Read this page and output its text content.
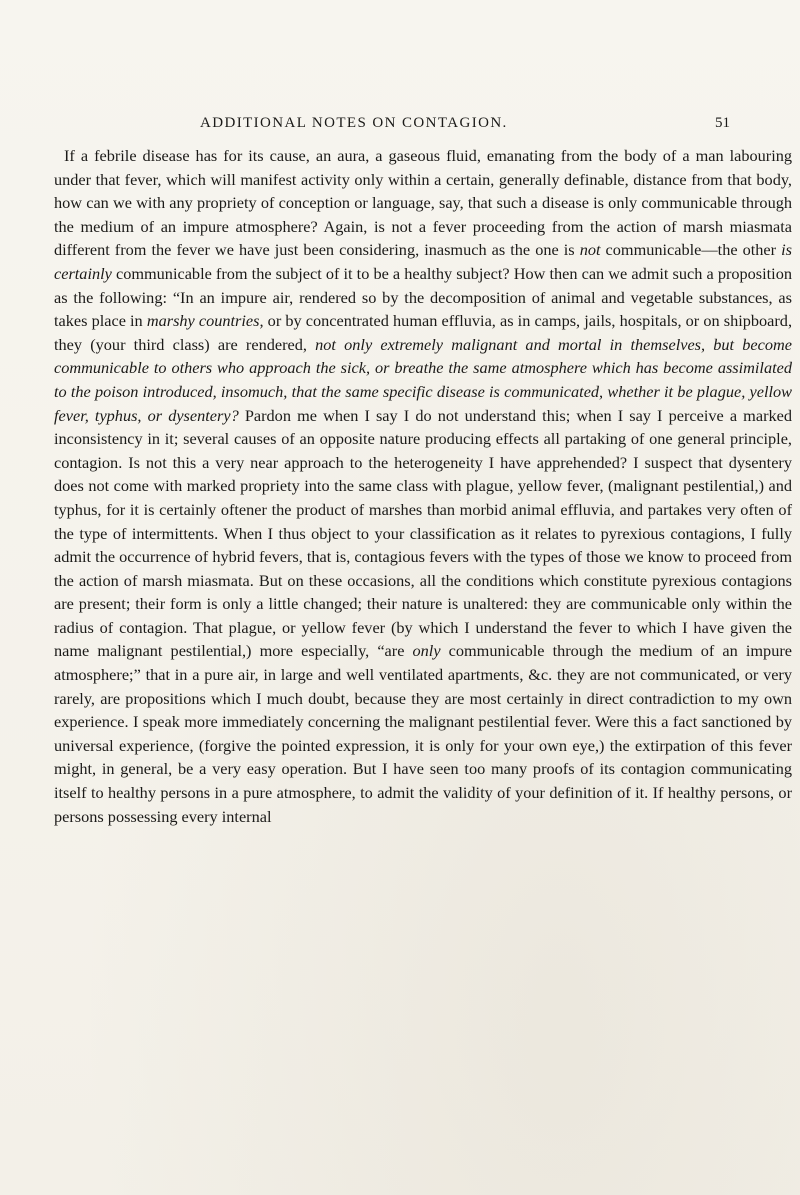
ADDITIONAL NOTES ON CONTAGION.	51

If a febrile disease has for its cause, an aura, a gaseous fluid, emanating from the body of a man labouring under that fever, which will manifest activity only within a certain, generally definable, distance from that body, how can we with any propriety of conception or language, say, that such a disease is only communicable through the medium of an impure atmosphere? Again, is not a fever proceeding from the action of marsh miasmata different from the fever we have just been considering, inasmuch as the one is not communicable—the other is certainly communicable from the subject of it to be a healthy subject? How then can we admit such a proposition as the following: “In an impure air, rendered so by the decomposition of animal and vegetable substances, as takes place in marshy countries, or by concentrated human effluvia, as in camps, jails, hospitals, or on shipboard, they (your third class) are rendered, not only extremely malignant and mortal in themselves, but become communicable to others who approach the sick, or breathe the same atmosphere which has become assimilated to the poison introduced, insomuch, that the same specific disease is communicated, whether it be plague, yellow fever, typhus, or dysentery? Pardon me when I say I do not understand this; when I say I perceive a marked inconsistency in it; several causes of an opposite nature producing effects all partaking of one general principle, contagion. Is not this a very near approach to the heterogeneity I have apprehended? I suspect that dysentery does not come with marked propriety into the same class with plague, yellow fever, (malignant pestilential,) and typhus, for it is certainly oftener the product of marshes than morbid animal effluvia, and partakes very often of the type of intermittents. When I thus object to your classification as it relates to pyrexious contagions, I fully admit the occurrence of hybrid fevers, that is, contagious fevers with the types of those we know to proceed from the action of marsh miasmata. But on these occasions, all the conditions which constitute pyrexious contagions are present; their form is only a little changed; their nature is unaltered: they are communicable only within the radius of contagion. That plague, or yellow fever (by which I understand the fever to which I have given the name malignant pestilential,) more especially, “are only communicable through the medium of an impure atmosphere;” that in a pure air, in large and well ventilated apartments, &c. they are not communicated, or very rarely, are propositions which I much doubt, because they are most certainly in direct contradiction to my own experience. I speak more immediately concerning the malignant pestilential fever. Were this a fact sanctioned by universal experience, (forgive the pointed expression, it is only for your own eye,) the extirpation of this fever might, in general, be a very easy operation. But I have seen too many proofs of its contagion communicating itself to healthy persons in a pure atmosphere, to admit the validity of your definition of it. If healthy persons, or persons possessing every internal
